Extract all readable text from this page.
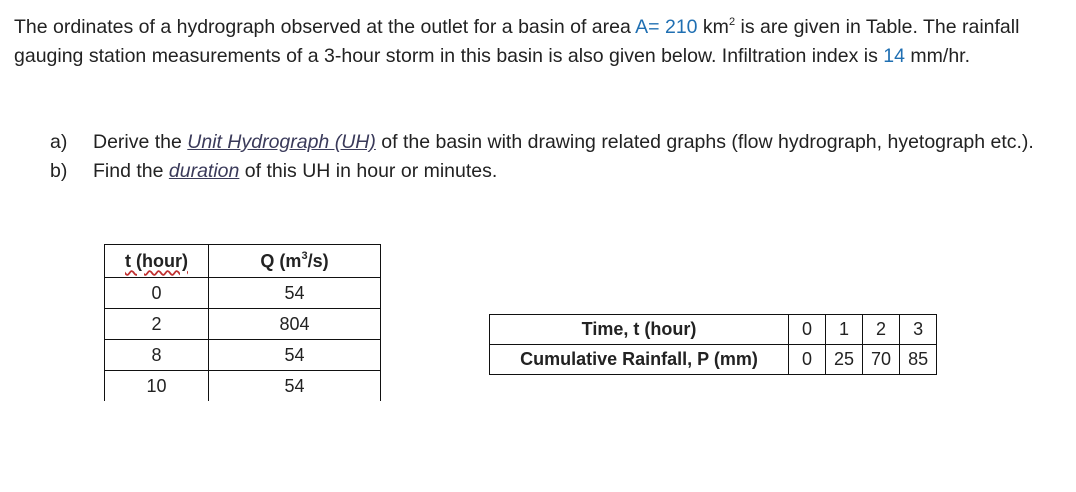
The ordinates of a hydrograph observed at the outlet for a basin of area A= 210 $km^2$ is are given in Table. The rainfall gauging station measurements of a 3-hour storm in this basin is also given below. Infiltration index is 14 mm/hr.

a)	Derive the Unit Hydrograph (UH) of the basin with drawing related graphs (flow hydrograph, hyetograph etc.).
b)	Find the duration of this UH in hour or minutes.
t (hour)	Q $(m^3/s)$
0	54
2	804
8	54
10	54
Time, t (hour)	0	1	2	3
Cumulative Rainfall, P (mm)	0	25	70	85
